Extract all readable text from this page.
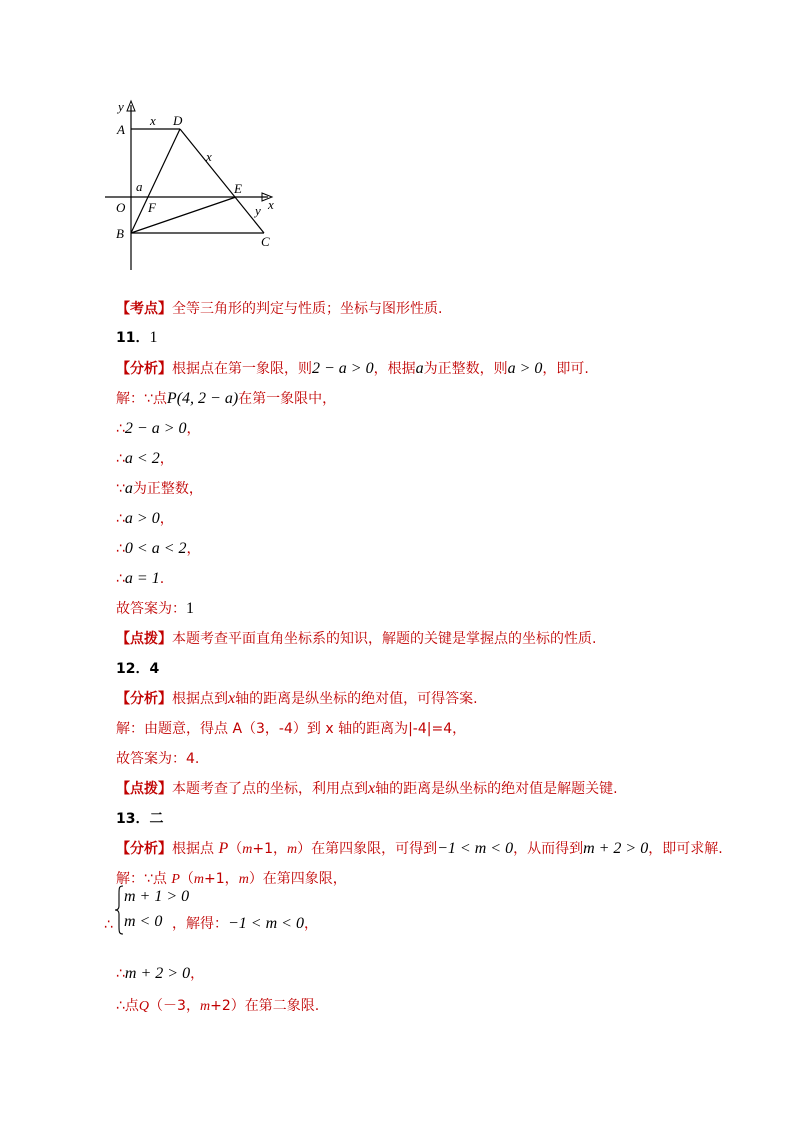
y
A
x D
x
a	E
x
O F	y
B
C
【考点】全等三角形的判定与性质；坐标与图形性质.
11．1
【分析】根据点在第一象限，则2 − a > 0，根据a为正整数，则a > 0，即可.
解：∵点P(4, 2 − a)在第一象限中，
∴2 − a > 0，
∴a < 2，
∵a为正整数，
∴a > 0，
∴0 < a < 2，
∴a = 1.
故答案为：1
【点拨】本题考查平面直角坐标系的知识，解题的关键是掌握点的坐标的性质.
12．4
【分析】根据点到x轴的距离是纵坐标的绝对值，可得答案.
解：由题意，得点 A（3，-4）到 x 轴的距离为|-4|=4，
故答案为：4.
【点拨】本题考查了点的坐标，利用点到x轴的距离是纵坐标的绝对值是解题关键.
13．二
【分析】根据点 P（m+1，m）在第四象限，可得到−1 < m < 0，从而得到m + 2 > 0，即可求解.
解：∵点 P（m+1，m）在第四象限，
∴
m + 1 > 0
m < 0 ，解得：−1 < m < 0，
∴m + 2 > 0，
∴点Q（－3，m+2）在第二象限.
